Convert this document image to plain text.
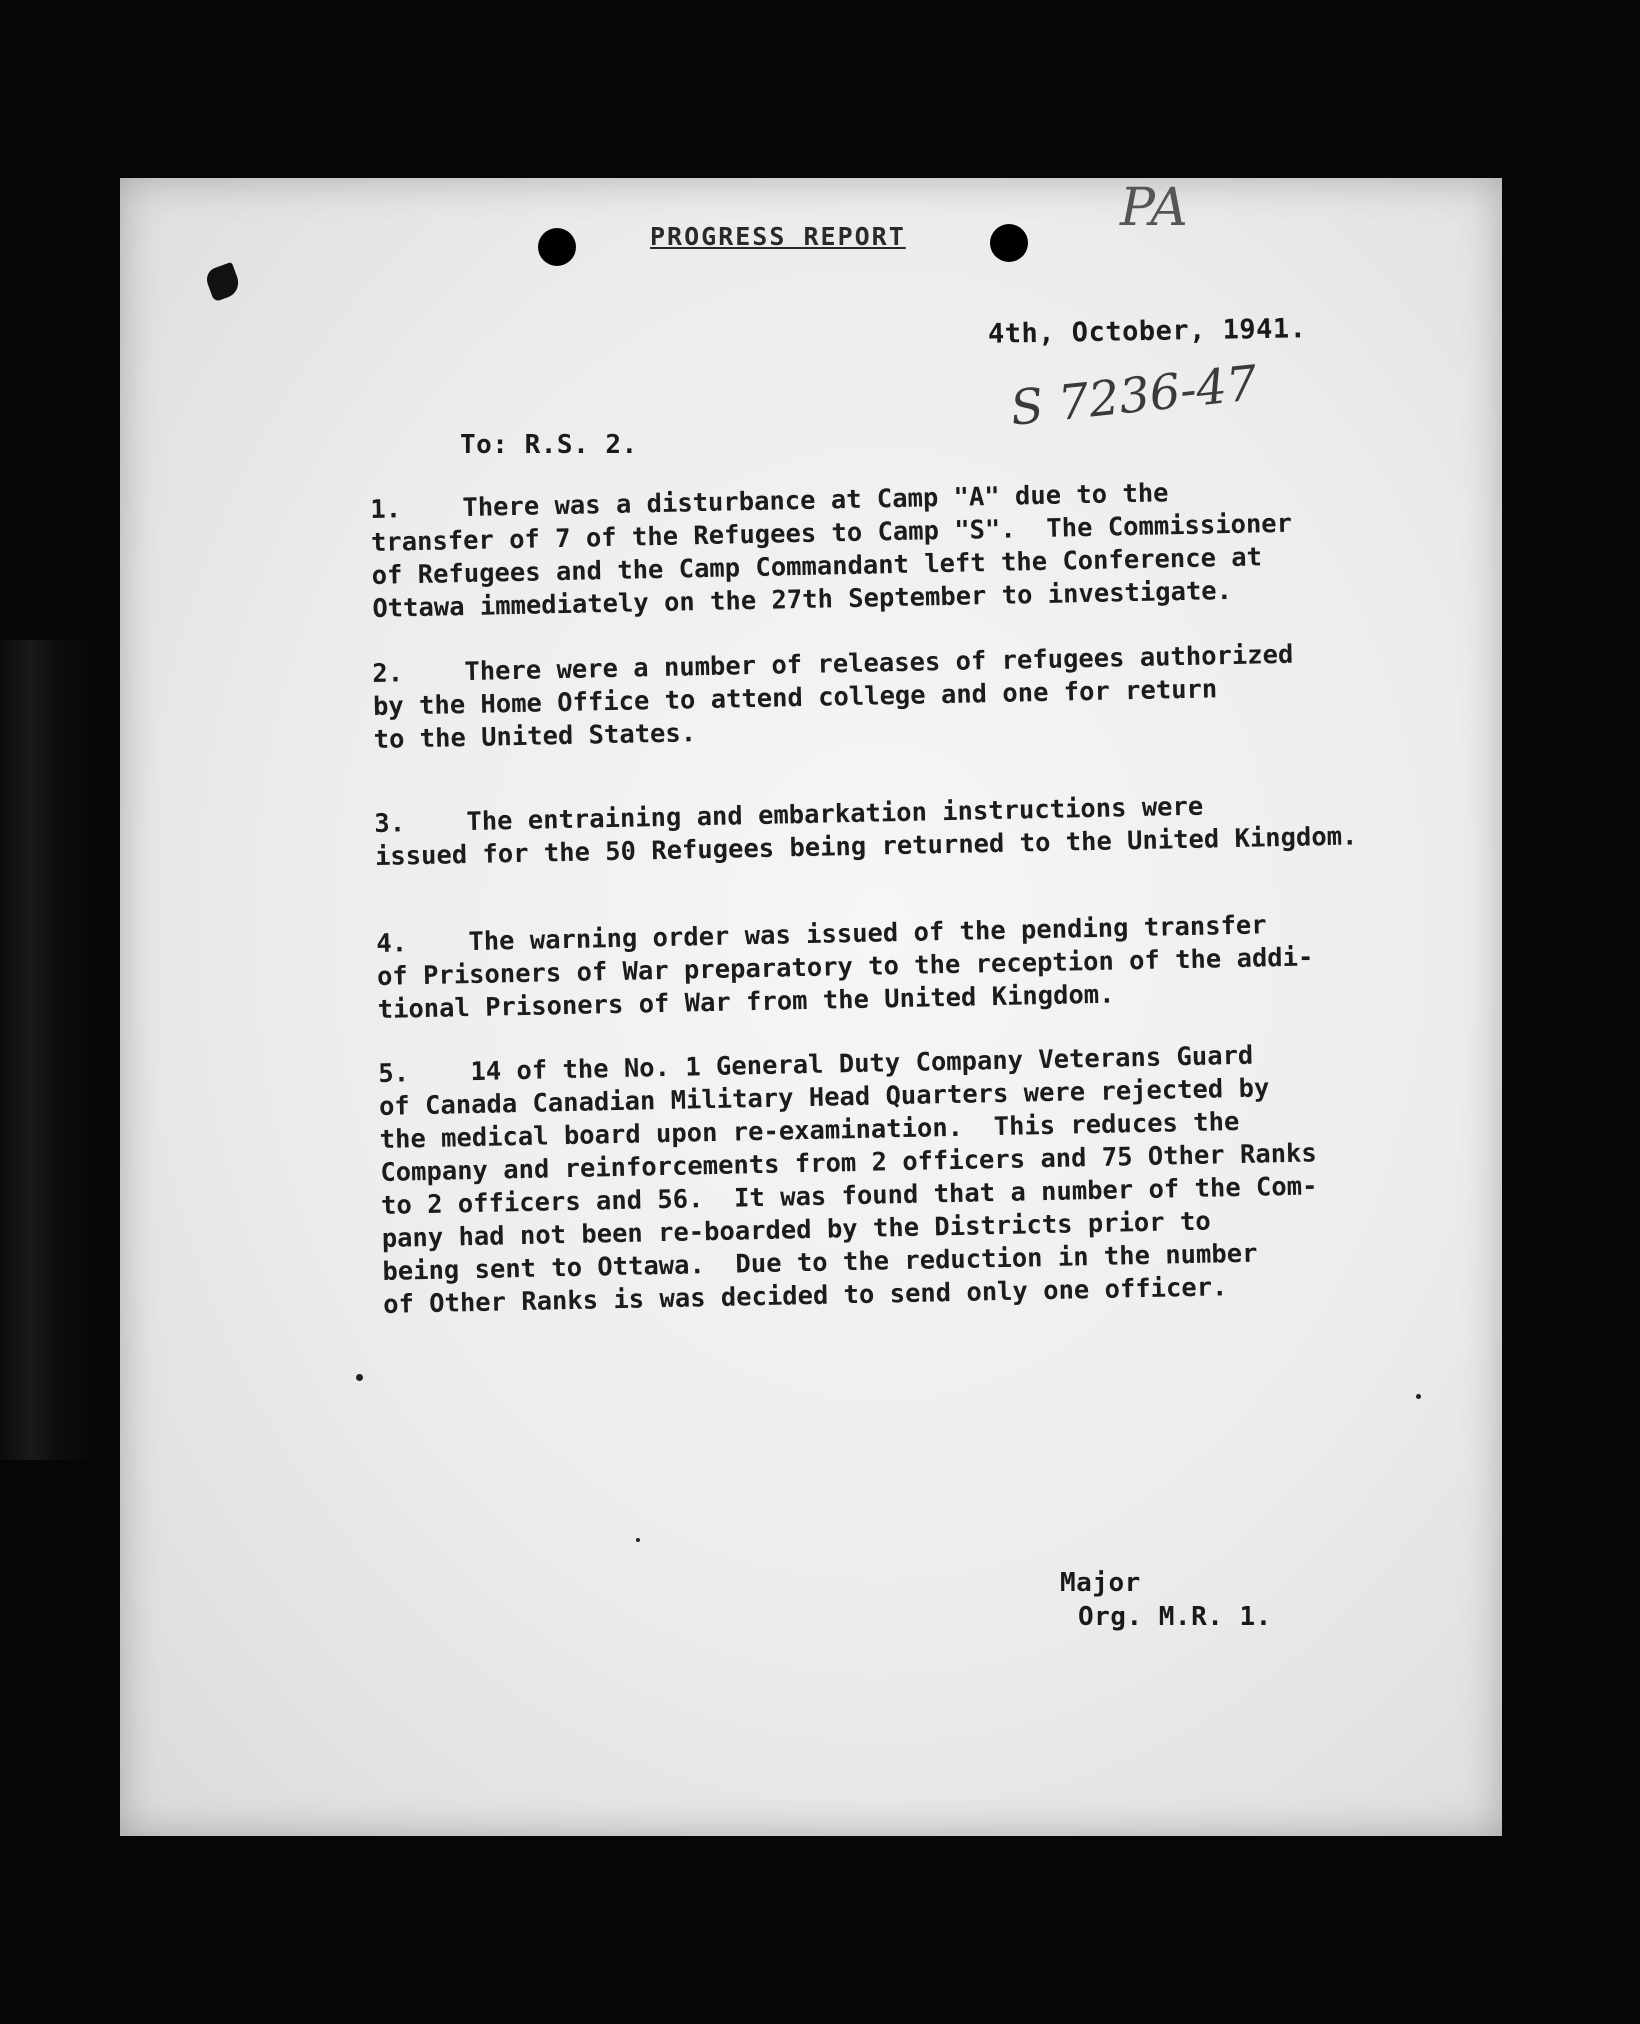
PA
PROGRESS REPORT
4th, October, 1941.
S 7236-47
To: R.S. 2.
1.    There was a disturbance at Camp "A" due to the
transfer of 7 of the Refugees to Camp "S".  The Commissioner
of Refugees and the Camp Commandant left the Conference at
Ottawa immediately on the 27th September to investigate.
2.    There were a number of releases of refugees authorized
by the Home Office to attend college and one for return
to the United States.
3.    The entraining and embarkation instructions were
issued for the 50 Refugees being returned to the United Kingdom.
4.    The warning order was issued of the pending transfer
of Prisoners of War preparatory to the reception of the addi-
tional Prisoners of War from the United Kingdom.
5.    14 of the No. 1 General Duty Company Veterans Guard
of Canada Canadian Military Head Quarters were rejected by
the medical board upon re-examination.  This reduces the
Company and reinforcements from 2 officers and 75 Other Ranks
to 2 officers and 56.  It was found that a number of the Com-
pany had not been re-boarded by the Districts prior to
being sent to Ottawa.  Due to the reduction in the number
of Other Ranks is was decided to send only one officer.
Major
Org. M.R. 1.
